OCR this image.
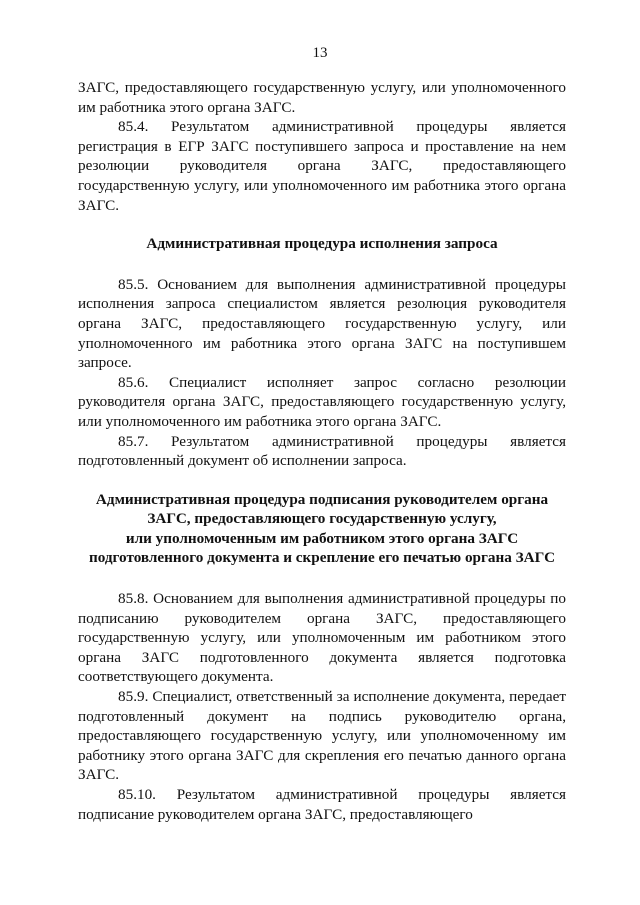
13

ЗАГС, предоставляющего государственную услугу, или уполномоченного им работника этого органа ЗАГС.

85.4. Результатом административной процедуры является регистрация в ЕГР ЗАГС поступившего запроса и проставление на нем резолюции руководителя органа ЗАГС, предоставляющего государственную услугу, или уполномоченного им работника этого органа ЗАГС.

Административная процедура исполнения запроса

85.5. Основанием для выполнения административной процедуры исполнения запроса специалистом является резолюция руководителя органа ЗАГС, предоставляющего государственную услугу, или уполномоченного им работника этого органа ЗАГС на поступившем запросе.

85.6. Специалист исполняет запрос согласно резолюции руководителя органа ЗАГС, предоставляющего государственную услугу, или уполномоченного им работника этого органа ЗАГС.

85.7. Результатом административной процедуры является подготовленный документ об исполнении запроса.

Административная процедура подписания руководителем органа
ЗАГС, предоставляющего государственную услугу,
или уполномоченным им работником этого органа ЗАГС
подготовленного документа и скрепление его печатью органа ЗАГС

85.8. Основанием для выполнения административной процедуры по подписанию руководителем органа ЗАГС, предоставляющего государственную услугу, или уполномоченным им работником этого органа ЗАГС подготовленного документа является подготовка соответствующего документа.

85.9. Специалист, ответственный за исполнение документа, передает подготовленный документ на подпись руководителю органа, предоставляющего государственную услугу, или уполномоченному им работнику этого органа ЗАГС для скрепления его печатью данного органа ЗАГС.

85.10. Результатом административной процедуры является подписание руководителем органа ЗАГС, предоставляющего
